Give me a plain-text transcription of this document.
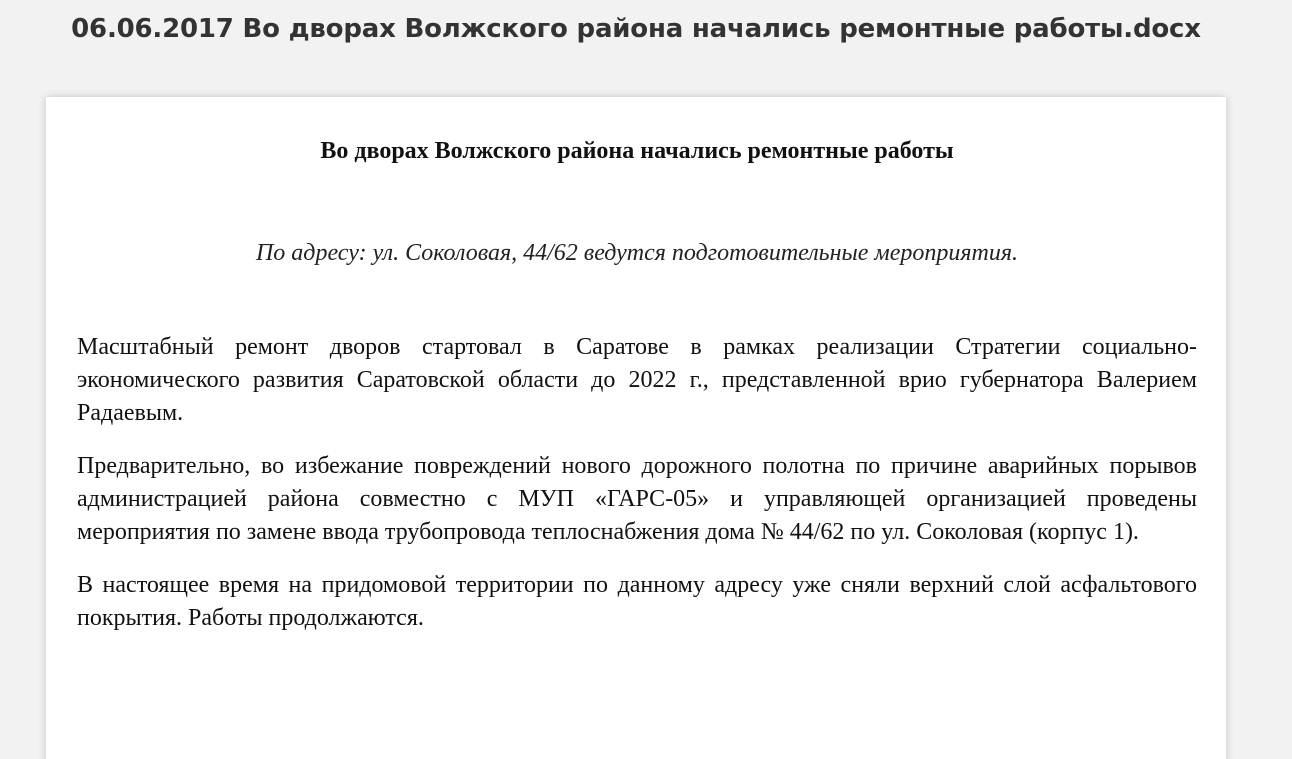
06.06.2017 Во дворах Волжского района начались ремонтные работы.docx

Во дворах Волжского района начались ремонтные работы

По адресу: ул. Соколовая, 44/62 ведутся подготовительные мероприятия.

Масштабный ремонт дворов стартовал в Саратове в рамках реализации Стратегии социально-экономического развития Саратовской области до 2022 г., представленной врио губернатора Валерием Радаевым.

Предварительно, во избежание повреждений нового дорожного полотна по причине аварийных порывов администрацией района совместно с МУП «ГАРС-05» и управляющей организацией проведены мероприятия по замене ввода трубопровода теплоснабжения дома № 44/62 по ул. Соколовая (корпус 1).

В настоящее время на придомовой территории по данному адресу уже сняли верхний слой асфальтового покрытия. Работы продолжаются.
